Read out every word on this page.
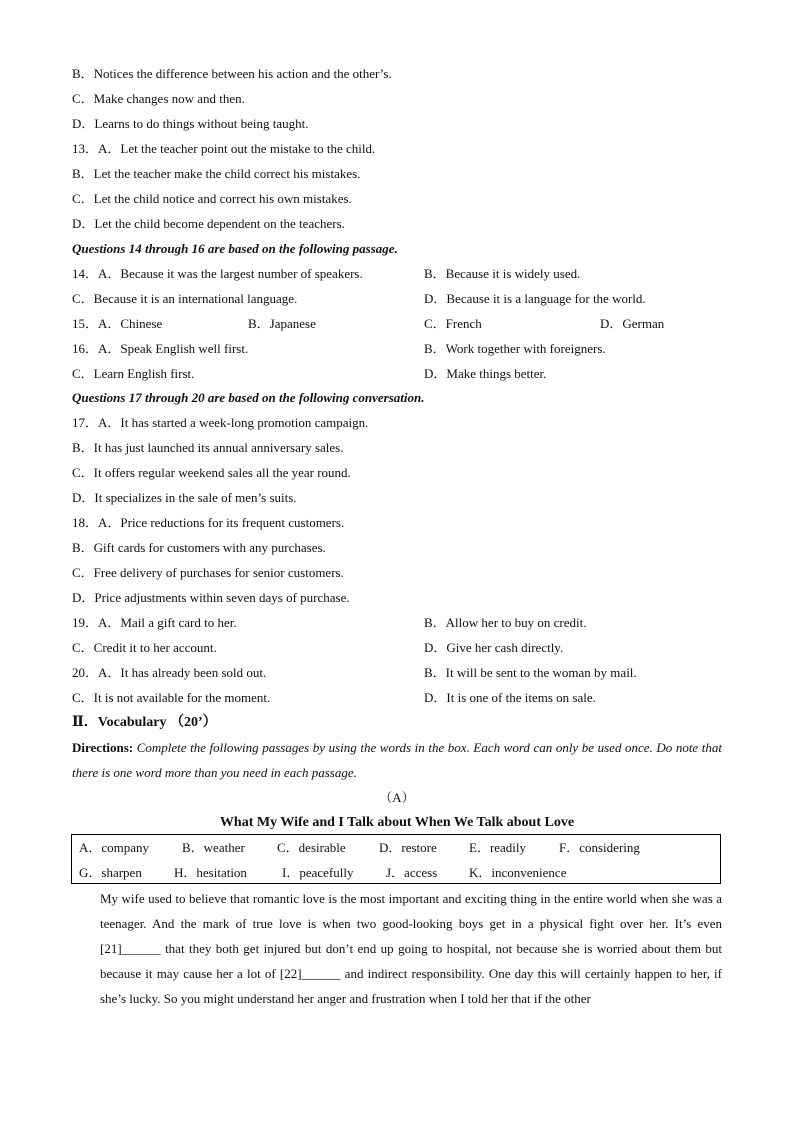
B．Notices the difference between his action and the other’s.
C．Make changes now and then.
D．Learns to do things without being taught.
13．A．Let the teacher point out the mistake to the child.
B．Let the teacher make the child correct his mistakes.
C．Let the child notice and correct his own mistakes.
D．Let the child become dependent on the teachers.
Questions 14 through 16 are based on the following passage.
14．A．Because it was the largest number of speakers.	B．Because it is widely used.
C．Because it is an international language.	D．Because it is a language for the world.
15．A．Chinese	B．Japanese	C．French	D．German
16．A．Speak English well first.	B．Work together with foreigners.
C．Learn English first.	D．Make things better.
Questions 17 through 20 are based on the following conversation.
17．A．It has started a week-long promotion campaign.
B．It has just launched its annual anniversary sales.
C．It offers regular weekend sales all the year round.
D．It specializes in the sale of men’s suits.
18．A．Price reductions for its frequent customers.
B．Gift cards for customers with any purchases.
C．Free delivery of purchases for senior customers.
D．Price adjustments within seven days of purchase.
19．A．Mail a gift card to her.	B．Allow her to buy on credit.
C．Credit it to her account.	D．Give her cash directly.
20．A．It has already been sold out.	B．It will be sent to the woman by mail.
C．It is not available for the moment.	D．It is one of the items on sale.
Ⅱ．Vocabulary （20’）
Directions: Complete the following passages by using the words in the box. Each word can only be used once. Do note that there is one word more than you need in each passage.
（A）
What My Wife and I Talk about When We Talk about Love
A．company	B．weather C．desirable	D．restore E．readily	F．considering
G．sharpen H．hesitation	I．peacefully	J．access K．inconvenience
My wife used to believe that romantic love is the most important and exciting thing in the entire world when she was a teenager. And the mark of true love is when two good-looking boys get in a physical fight over her. It’s even [21]______ that they both get injured but don’t end up going to hospital, not because she is worried about them but because it may cause her a lot of [22]______ and indirect responsibility. One day this will certainly happen to her, if she’s lucky. So you might understand her anger and frustration when I told her that if the other
